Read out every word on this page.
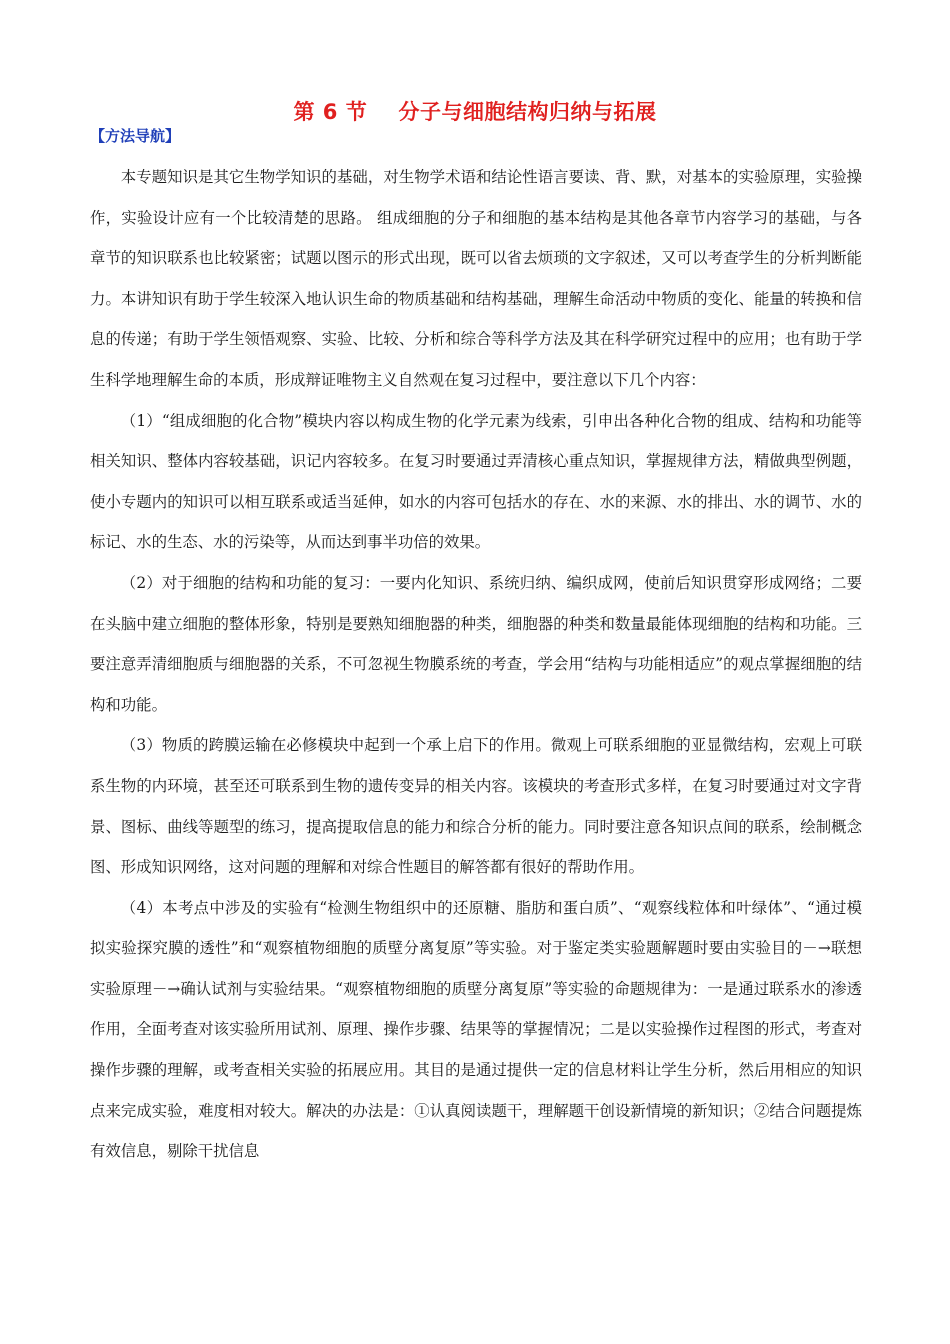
第 6 节    分子与细胞结构归纳与拓展
【方法导航】

本专题知识是其它生物学知识的基础，对生物学术语和结论性语言要读、背、默，对基本的实验原理，实验操作，实验设计应有一个比较清楚的思路。 组成细胞的分子和细胞的基本结构是其他各章节内容学习的基础，与各章节的知识联系也比较紧密；试题以图示的形式出现，既可以省去烦琐的文字叙述，又可以考查学生的分析判断能力。本讲知识有助于学生较深入地认识生命的物质基础和结构基础，理解生命活动中物质的变化、能量的转换和信息的传递；有助于学生领悟观察、实验、比较、分析和综合等科学方法及其在科学研究过程中的应用；也有助于学生科学地理解生命的本质，形成辩证唯物主义自然观在复习过程中，要注意以下几个内容：

（1）“组成细胞的化合物”模块内容以构成生物的化学元素为线索，引申出各种化合物的组成、结构和功能等相关知识、整体内容较基础，识记内容较多。在复习时要通过弄清核心重点知识，掌握规律方法，精做典型例题，使小专题内的知识可以相互联系或适当延伸，如水的内容可包括水的存在、水的来源、水的排出、水的调节、水的标记、水的生态、水的污染等，从而达到事半功倍的效果。

（2）对于细胞的结构和功能的复习：一要内化知识、系统归纳、编织成网，使前后知识贯穿形成网络；二要在头脑中建立细胞的整体形象，特别是要熟知细胞器的种类，细胞器的种类和数量最能体现细胞的结构和功能。三要注意弄清细胞质与细胞器的关系，不可忽视生物膜系统的考查，学会用“结构与功能相适应”的观点掌握细胞的结构和功能。

（3）物质的跨膜运输在必修模块中起到一个承上启下的作用。微观上可联系细胞的亚显微结构，宏观上可联系生物的内环境，甚至还可联系到生物的遗传变异的相关内容。该模块的考查形式多样，在复习时要通过对文字背景、图标、曲线等题型的练习，提高提取信息的能力和综合分析的能力。同时要注意各知识点间的联系，绘制概念图、形成知识网络，这对问题的理解和对综合性题目的解答都有很好的帮助作用。

（4）本考点中涉及的实验有“检测生物组织中的还原糖、脂肪和蛋白质”、“观察线粒体和叶绿体”、“通过模拟实验探究膜的透性”和“观察植物细胞的质壁分离复原”等实验。对于鉴定类实验题解题时要由实验目的－→联想实验原理－→确认试剂与实验结果。“观察植物细胞的质壁分离复原”等实验的命题规律为：一是通过联系水的渗透作用，全面考查对该实验所用试剂、原理、操作步骤、结果等的掌握情况；二是以实验操作过程图的形式，考查对操作步骤的理解，或考查相关实验的拓展应用。其目的是通过提供一定的信息材料让学生分析，然后用相应的知识点来完成实验，难度相对较大。解决的办法是：①认真阅读题干，理解题干创设新情境的新知识；②结合问题提炼有效信息，剔除干扰信息
